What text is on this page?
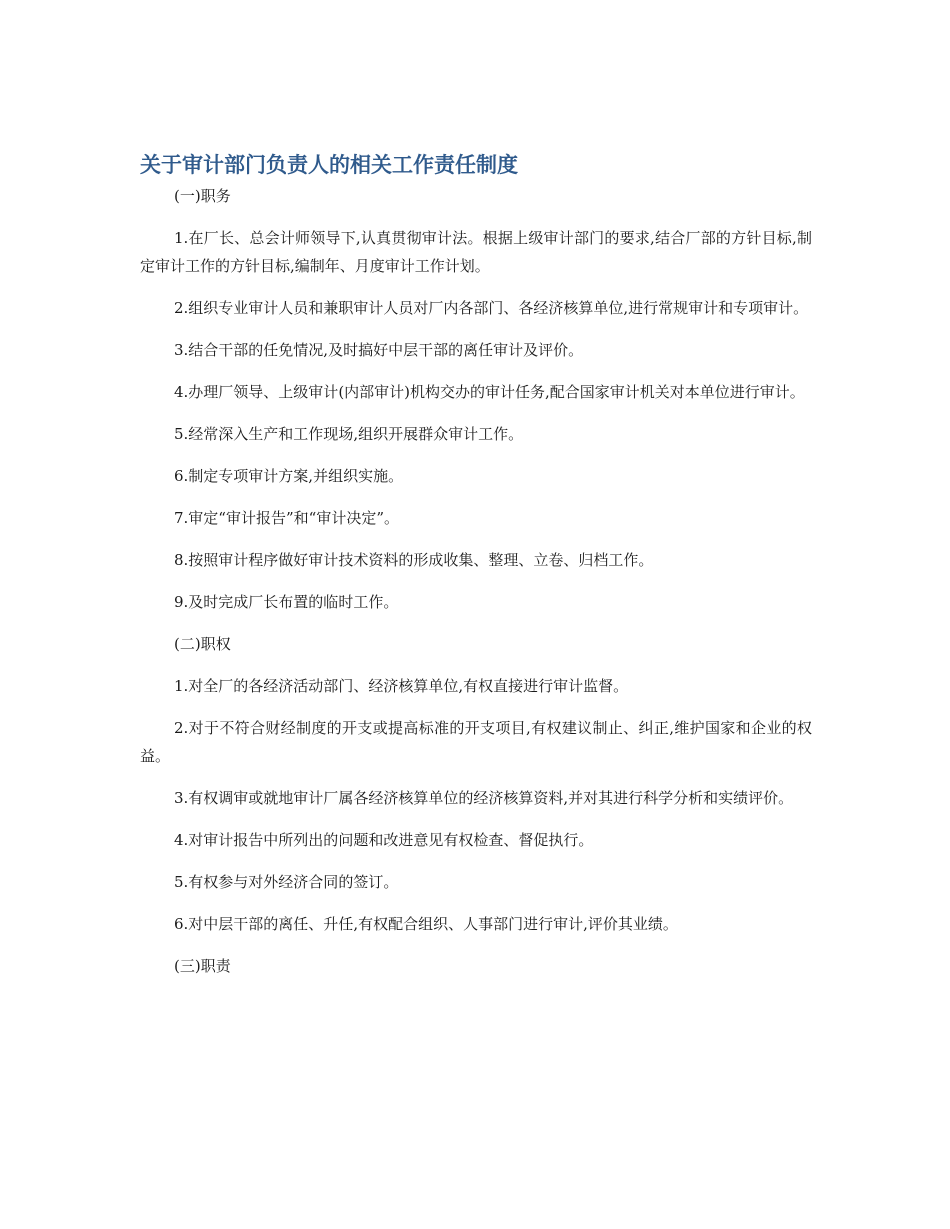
关于审计部门负责人的相关工作责任制度

(一)职务

1.在厂长、总会计师领导下,认真贯彻审计法。根据上级审计部门的要求,结合厂部的方针目标,制定审计工作的方针目标,编制年、月度审计工作计划。

2.组织专业审计人员和兼职审计人员对厂内各部门、各经济核算单位,进行常规审计和专项审计。

3.结合干部的任免情况,及时搞好中层干部的离任审计及评价。

4.办理厂领导、上级审计(内部审计)机构交办的审计任务,配合国家审计机关对本单位进行审计。

5.经常深入生产和工作现场,组织开展群众审计工作。

6.制定专项审计方案,并组织实施。

7.审定“审计报告”和“审计决定”。

8.按照审计程序做好审计技术资料的形成收集、整理、立卷、归档工作。

9.及时完成厂长布置的临时工作。

(二)职权

1.对全厂的各经济活动部门、经济核算单位,有权直接进行审计监督。

2.对于不符合财经制度的开支或提高标准的开支项目,有权建议制止、纠正,维护国家和企业的权益。

3.有权调审或就地审计厂属各经济核算单位的经济核算资料,并对其进行科学分析和实绩评价。

4.对审计报告中所列出的问题和改进意见有权检查、督促执行。

5.有权参与对外经济合同的签订。

6.对中层干部的离任、升任,有权配合组织、人事部门进行审计,评价其业绩。

(三)职责
